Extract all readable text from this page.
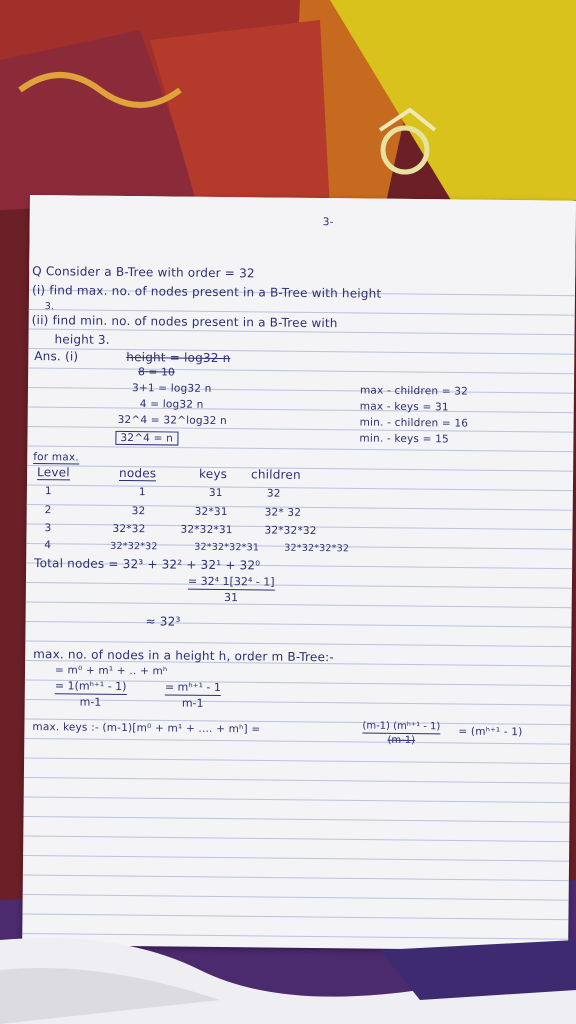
3-
Q Consider a B-Tree with order = 32
(i) find max. no. of nodes present in a B-Tree with height
3.
(ii) find min. no. of nodes present in a B-Tree with
height 3.
Ans. (i)	height = log32 n
8 = 10
3+1 = log32 n
4 = log32 n
32^4 = 32^log32 n
32^4 = n
max - children = 32
max - keys = 31
min. - children = 16
min. - keys = 15
for max.
Level	nodes	keys children
1	1	31	32
2	32	32*31	32* 32
3	32*32	32*32*31	32*32*32
4	32*32*32	32*32*32*31	32*32*32*32
Total nodes = 32³ + 32² + 32¹ + 32⁰
= 32⁴ 1[32⁴ - 1]
31
≈ 32³
max. no. of nodes in a height h, order m B-Tree:-
= m⁰ + m¹ + .. + mʰ
= 1(mʰ⁺¹ - 1)
m-1
= mʰ⁺¹ - 1
m-1
max. keys :- (m-1)[m⁰ + m¹ + .... + mʰ] =	(m-1) (mʰ⁺¹ - 1)
(m-1)
= (mʰ⁺¹ - 1)
